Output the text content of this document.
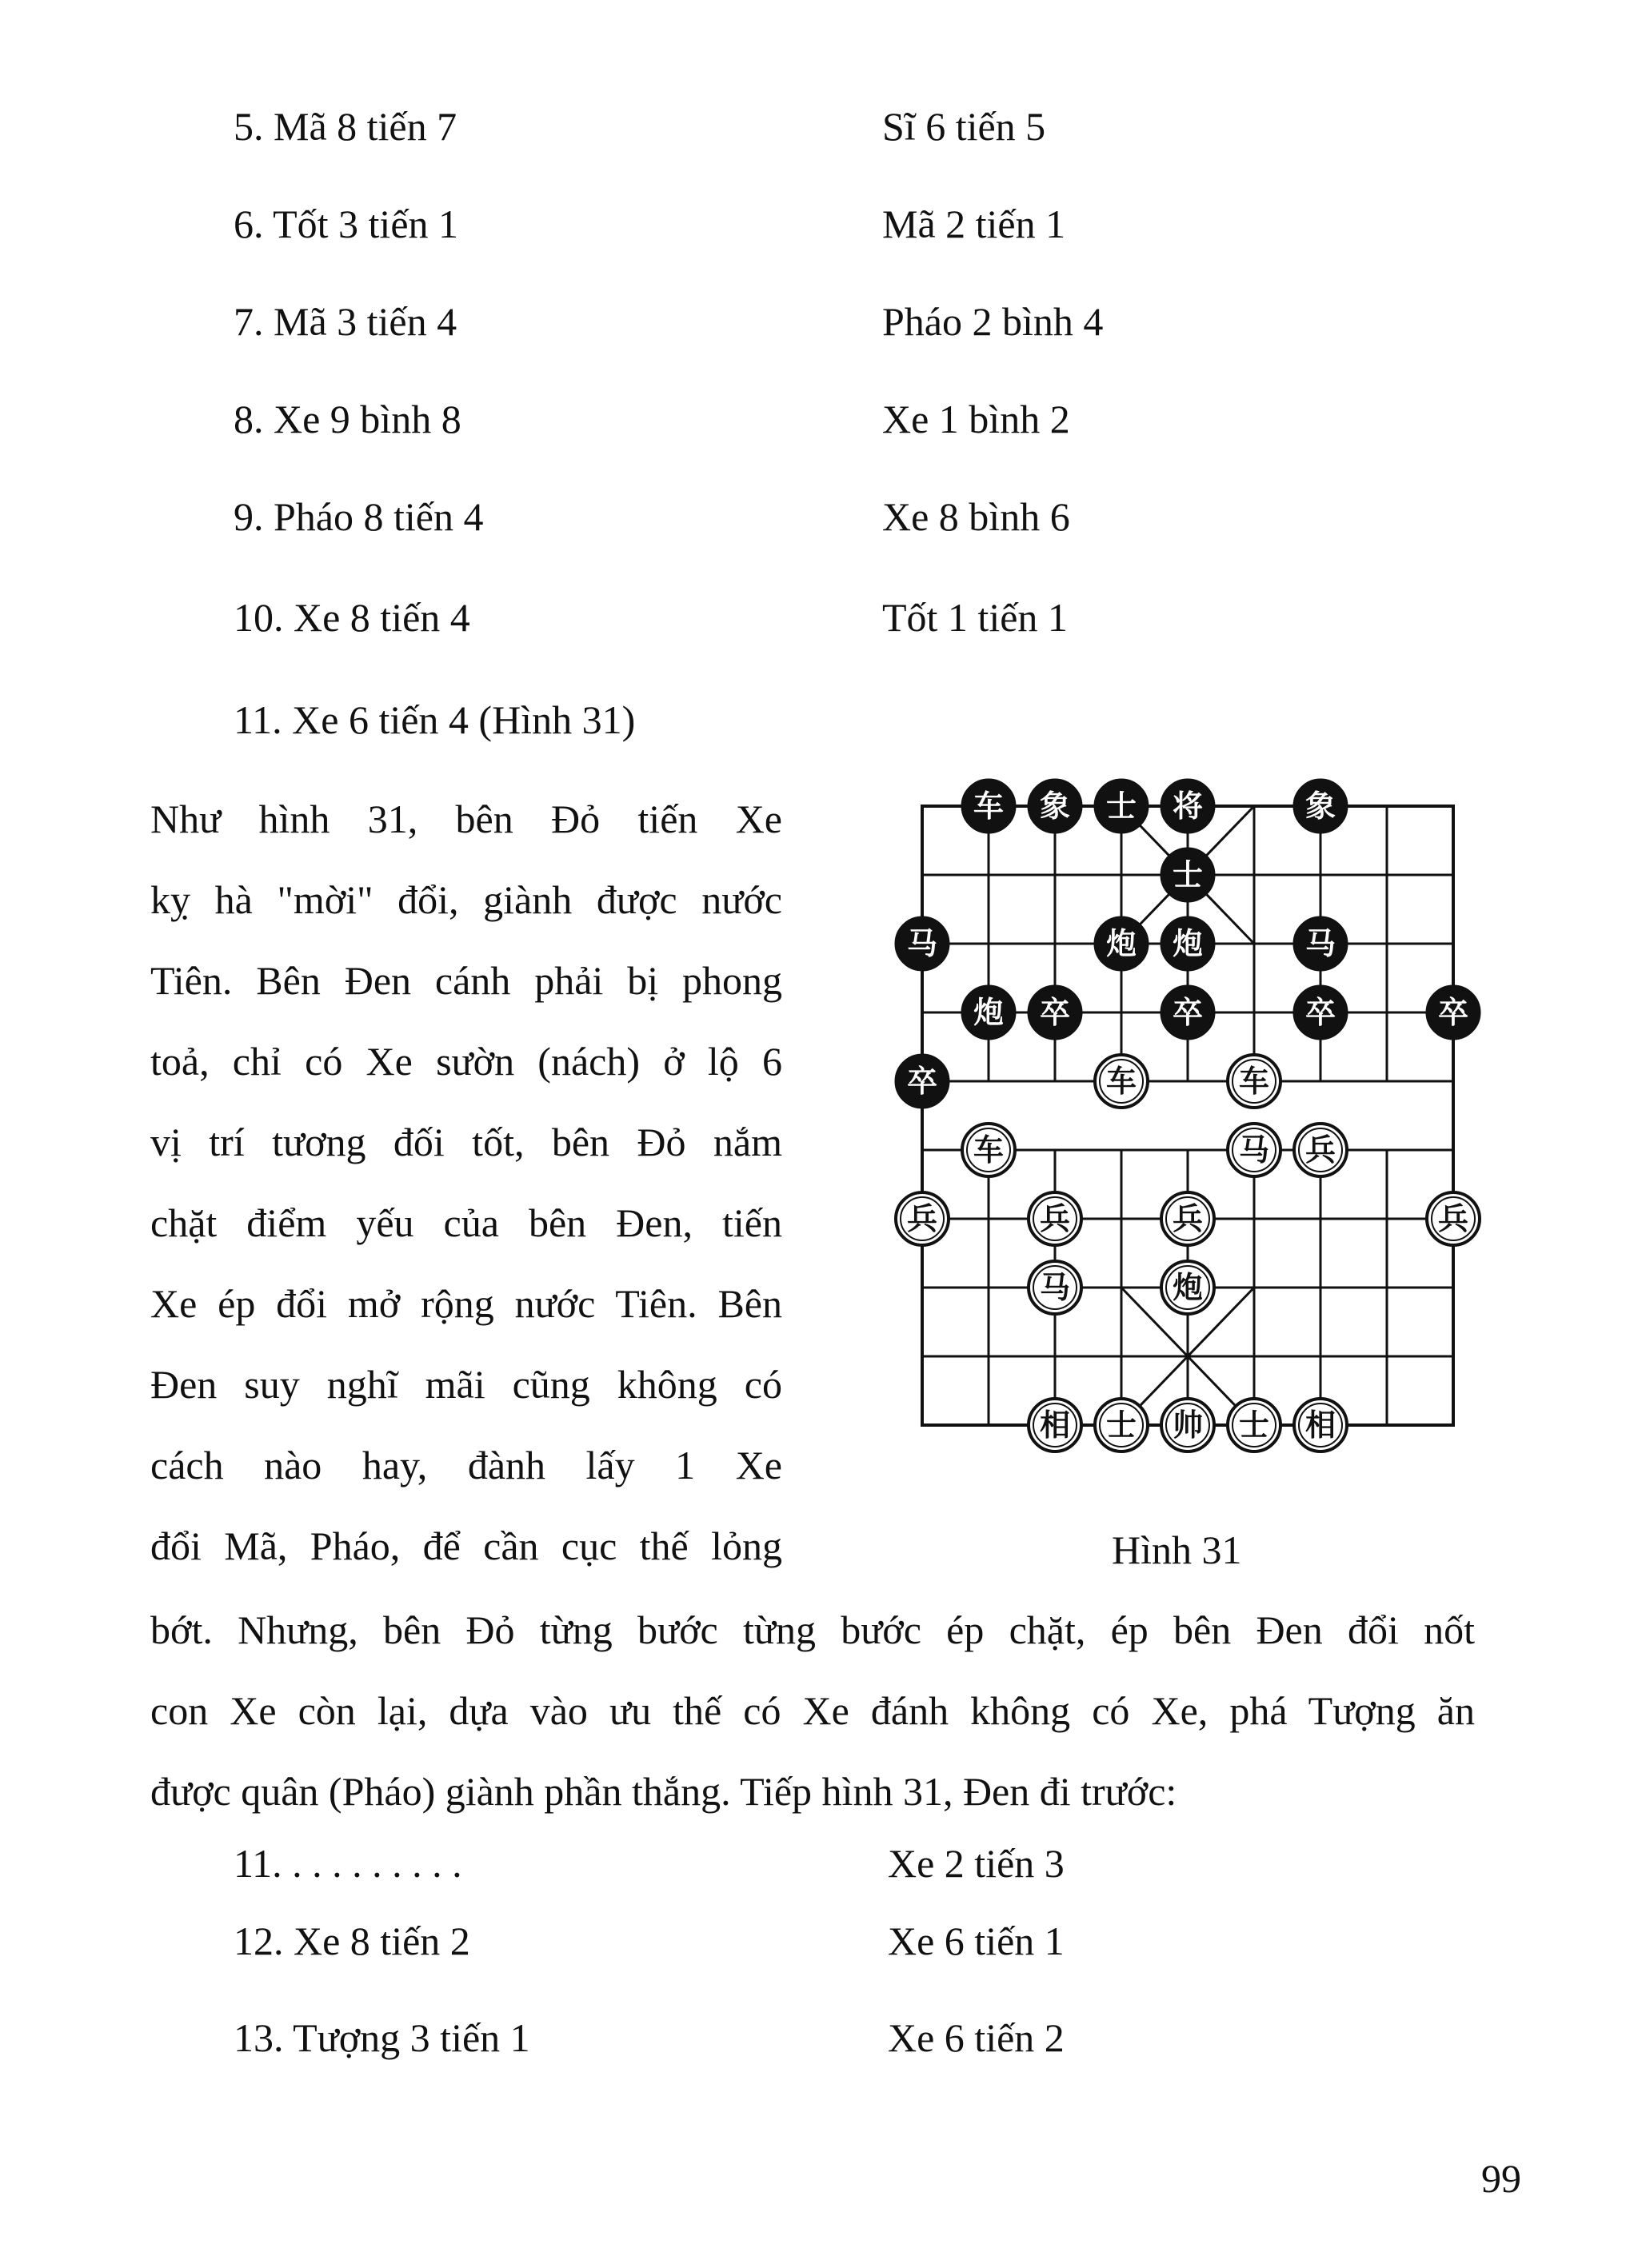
5. Mã 8 tiến 7	Sĩ 6 tiến 5
6. Tốt 3 tiến 1	Mã 2 tiến 1
7. Mã 3 tiến 4	Pháo 2 bình 4
8. Xe 9 bình 8	Xe 1 bình 2
9. Pháo 8 tiến 4	Xe 8 bình 6
10. Xe 8 tiến 4	Tốt 1 tiến 1
11. Xe 6 tiến 4 (Hình 31)
Như hình 31, bên Đỏ tiến Xe
kỵ hà "mời" đổi, giành được nước
Tiên. Bên Đen cánh phải bị phong
toả, chỉ có Xe sườn (nách) ở lộ 6
vị trí tương đối tốt, bên Đỏ nắm
chặt điểm yếu của bên Đen, tiến
Xe ép đổi mở rộng nước Tiên. Bên
Đen suy nghĩ mãi cũng không có
cách nào hay, đành lấy 1 Xe
đổi Mã, Pháo, để cần cục thế lỏng
车 象 士 将	象
士
马	炮 炮	马
炮 卒	卒	卒	卒
卒	车	车
车	马 兵
兵	兵	兵	兵
马	炮
相 士 帅 士 相
Hình 31
bớt. Nhưng, bên Đỏ từng bước từng bước ép chặt, ép bên Đen đổi nốt
con Xe còn lại, dựa vào ưu thế có Xe đánh không có Xe, phá Tượng ăn
được quân (Pháo) giành phần thắng. Tiếp hình 31, Đen đi trước:
11. . . . . . . . . .	Xe 2 tiến 3
12. Xe 8 tiến 2	Xe 6 tiến 1
13. Tượng 3 tiến 1	Xe 6 tiến 2
99
